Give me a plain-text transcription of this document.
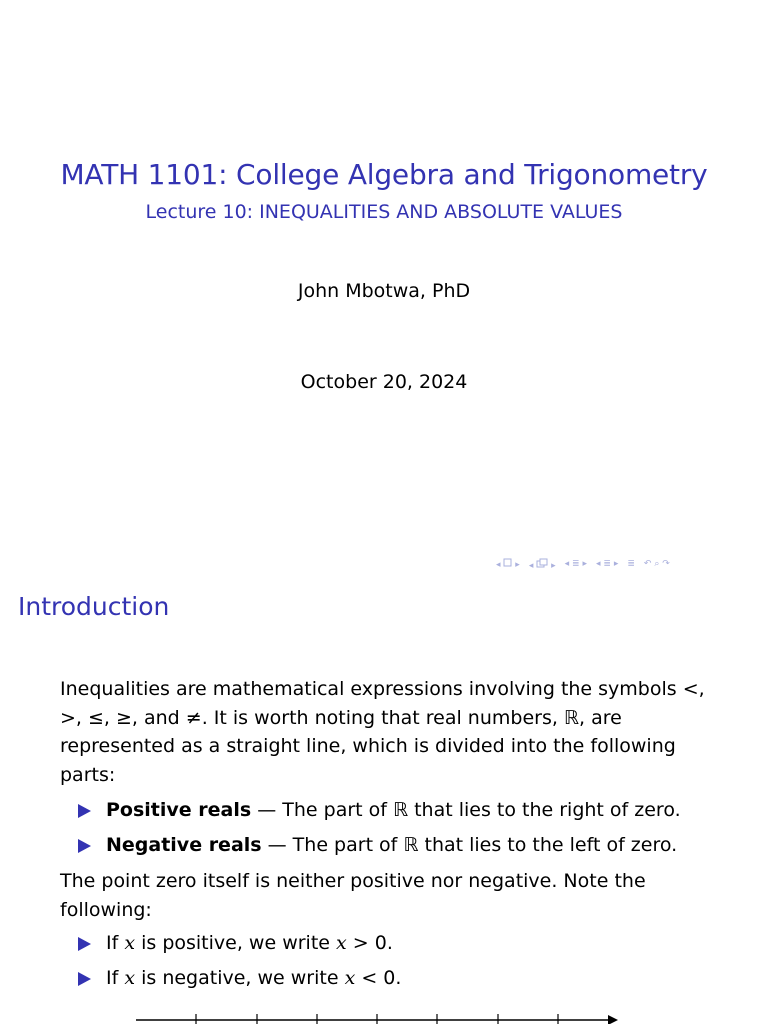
MATH 1101: College Algebra and Trigonometry
Lecture 10: INEQUALITIES AND ABSOLUTE VALUES
John Mbotwa, PhD
October 20, 2024
◂ ▸ ◂ ▸ ◂ ≣ ▸ ◂ ≣ ▸ ≣ ↶ ⌕ ↷
Introduction
Inequalities are mathematical expressions involving the symbols <, >, ≤, ≥, and ≠. It is worth noting that real numbers, ℝ, are represented as a straight line, which is divided into the following parts:
Positive reals — The part of ℝ that lies to the right of zero.
Negative reals — The part of ℝ that lies to the left of zero.
The point zero itself is neither positive nor negative. Note the following:
If x is positive, we write x > 0.
If x is negative, we write x < 0.
